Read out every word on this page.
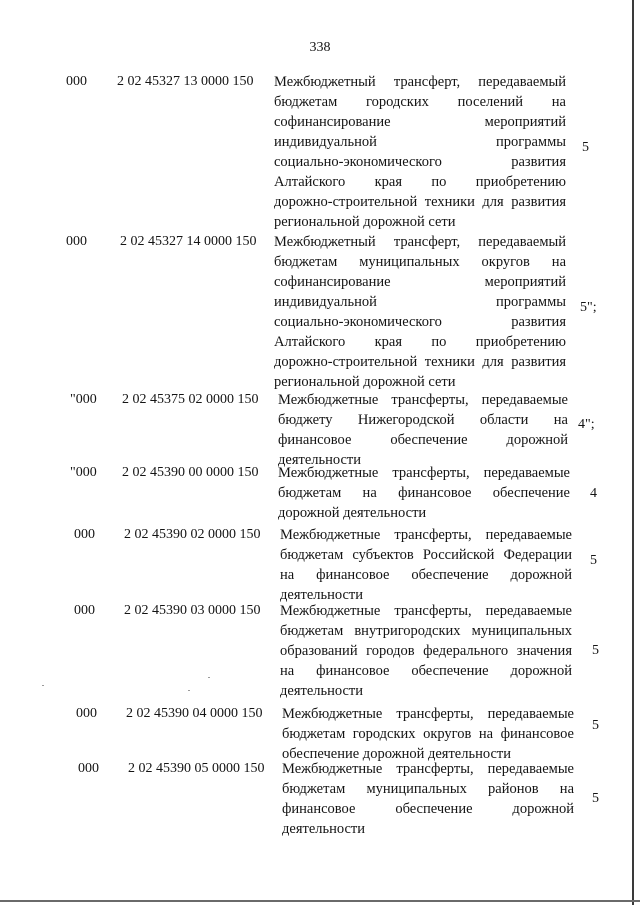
338
000 2 02 45327 13 0000 150 Межбюджетный трансферт, передаваемый
бюджетам городских поселений на
софинансирование мероприятий
индивидуальной программы
социально-экономического развития
Алтайского края по приобретению
дорожно-строительной техники для развития
региональной дорожной сети
5
000 2 02 45327 14 0000 150 Межбюджетный трансферт, передаваемый
бюджетам муниципальных округов на
софинансирование мероприятий
индивидуальной программы
социально-экономического развития
Алтайского края по приобретению
дорожно-строительной техники для развития
региональной дорожной сети
5";
"000 2 02 45375 02 0000 150 Межбюджетные трансферты, передаваемые
бюджету Нижегородской области на
финансовое обеспечение дорожной
деятельности
4";
"000 2 02 45390 00 0000 150 Межбюджетные трансферты, передаваемые
бюджетам на финансовое обеспечение
дорожной деятельности
4
000 2 02 45390 02 0000 150 Межбюджетные трансферты, передаваемые
бюджетам субъектов Российской Федерации
на финансовое обеспечение дорожной
деятельности
5
000 2 02 45390 03 0000 150 Межбюджетные трансферты, передаваемые
бюджетам внутригородских муниципальных
образований городов федерального значения
на финансовое обеспечение дорожной
деятельности
5
000 2 02 45390 04 0000 150 Межбюджетные трансферты, передаваемые
бюджетам городских округов на финансовое
обеспечение дорожной деятельности
5
000 2 02 45390 05 0000 150 Межбюджетные трансферты, передаваемые
бюджетам муниципальных районов на
финансовое обеспечение дорожной
деятельности
5
